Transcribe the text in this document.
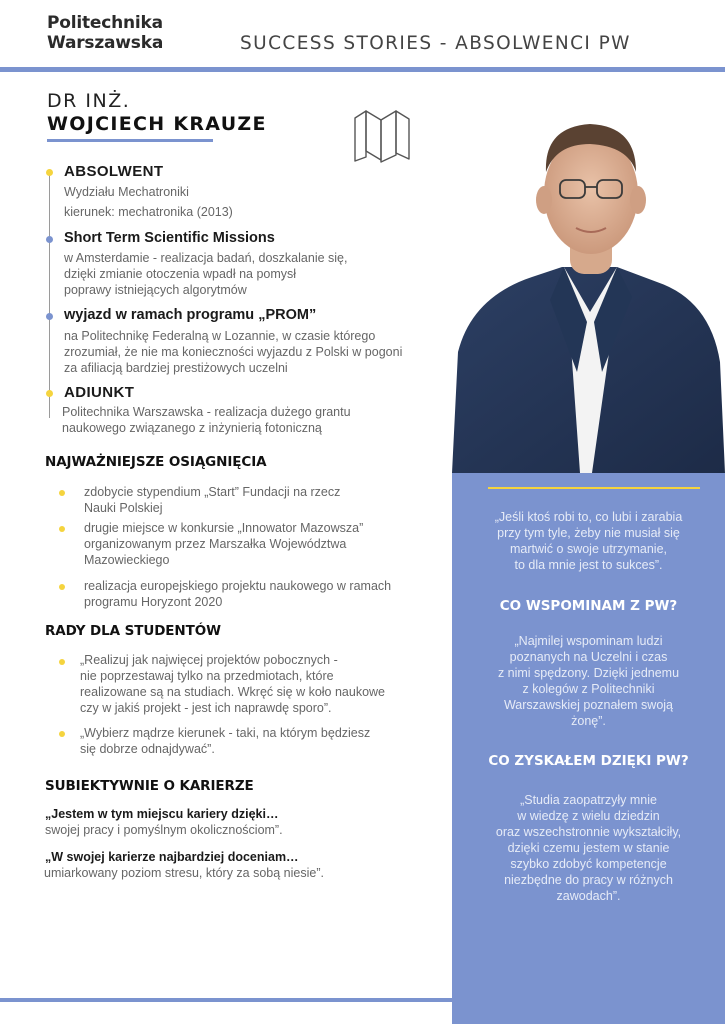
Politechnika
Warszawska	SUCCESS STORIES - ABSOLWENCI PW
DR INŻ.
WOJCIECH KRAUZE
ABSOLWENT
Wydziału Mechatroniki
kierunek: mechatronika (2013)
Short Term Scientific Missions
w Amsterdamie - realizacja badań, doszkalanie się,
dzięki zmianie otoczenia wpadł na pomysł
poprawy istniejących algorytmów
wyjazd w ramach programu „PROM”
na Politechnikę Federalną w Lozannie, w czasie którego
zrozumiał, że nie ma konieczności wyjazdu z Polski w pogoni
za afiliacją bardziej prestiżowych uczelni
ADIUNKT
Politechnika Warszawska - realizacja dużego grantu
naukowego związanego z inżynierią fotoniczną
NAJWAŻNIEJSZE OSIĄGNIĘCIA
zdobycie stypendium „Start” Fundacji na rzecz
Nauki Polskiej
drugie miejsce w konkursie „Innowator Mazowsza”
organizowanym przez Marszałka Województwa
Mazowieckiego
realizacja europejskiego projektu naukowego w ramach
programu Horyzont 2020
RADY DLA STUDENTÓW
„Realizuj jak najwięcej projektów pobocznych -
nie poprzestawaj tylko na przedmiotach, które
realizowane są na studiach. Wkręć się w koło naukowe
czy w jakiś projekt - jest ich naprawdę sporo”.
„Wybierz mądrze kierunek - taki, na którym będziesz
się dobrze odnajdywać”.
SUBIEKTYWNIE O KARIERZE
„Jestem w tym miejscu kariery dzięki…
swojej pracy i pomyślnym okolicznościom”.
„W swojej karierze najbardziej doceniam…
umiarkowany poziom stresu, który za sobą niesie”.
„Jeśli ktoś robi to, co lubi i zarabia
przy tym tyle, żeby nie musiał się
martwić o swoje utrzymanie,
to dla mnie jest to sukces”.
CO WSPOMINAM Z PW?
„Najmilej wspominam ludzi
poznanych na Uczelni i czas
z nimi spędzony. Dzięki jednemu
z kolegów z Politechniki
Warszawskiej poznałem swoją
żonę”.
CO ZYSKAŁEM DZIĘKI PW?
„Studia zaopatrzyły mnie
w wiedzę z wielu dziedzin
oraz wszechstronnie wykształciły,
dzięki czemu jestem w stanie
szybko zdobyć kompetencje
niezbędne do pracy w różnych
zawodach”.
